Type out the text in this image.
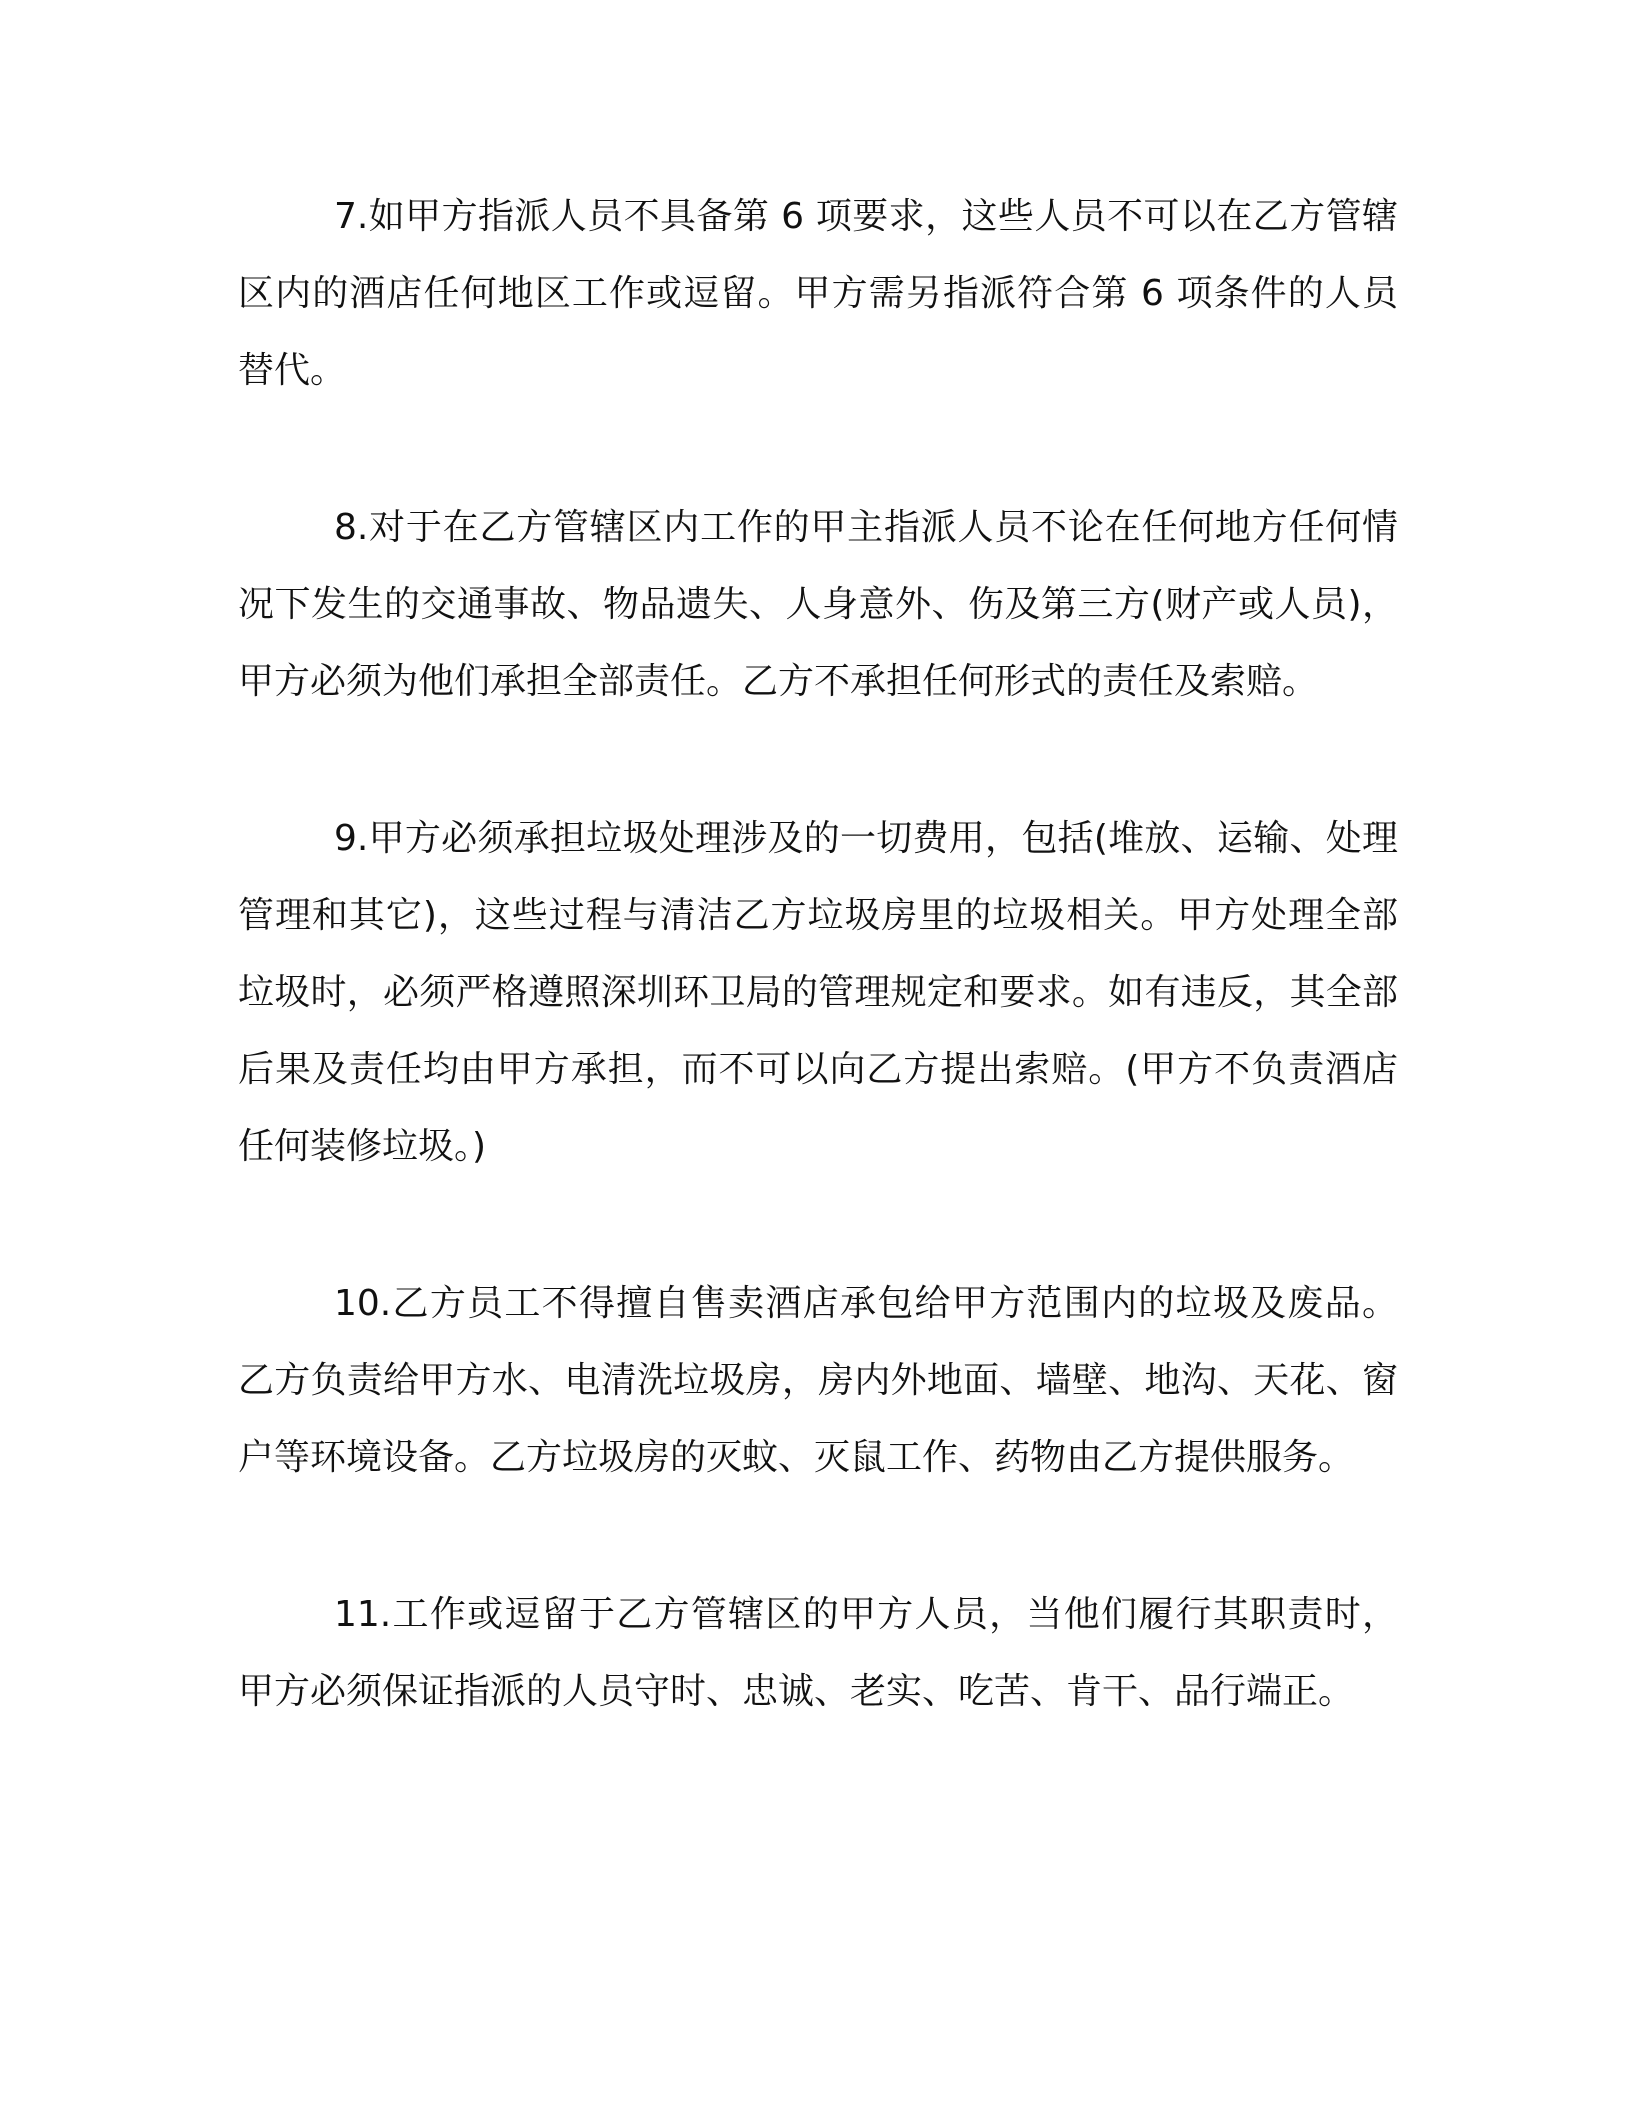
7.如甲方指派人员不具备第 6 项要求，这些人员不可以在乙方管辖区内的酒店任何地区工作或逗留。甲方需另指派符合第 6 项条件的人员替代。

8.对于在乙方管辖区内工作的甲主指派人员不论在任何地方任何情况下发生的交通事故、物品遗失、人身意外、伤及第三方(财产或人员)，甲方必须为他们承担全部责任。乙方不承担任何形式的责任及索赔。

9.甲方必须承担垃圾处理涉及的一切费用，包括(堆放、运输、处理管理和其它)，这些过程与清洁乙方垃圾房里的垃圾相关。甲方处理全部垃圾时，必须严格遵照深圳环卫局的管理规定和要求。如有违反，其全部后果及责任均由甲方承担，而不可以向乙方提出索赔。(甲方不负责酒店任何装修垃圾。)

10.乙方员工不得擅自售卖酒店承包给甲方范围内的垃圾及废品。乙方负责给甲方水、电清洗垃圾房，房内外地面、墙壁、地沟、天花、窗户等环境设备。乙方垃圾房的灭蚊、灭鼠工作、药物由乙方提供服务。

11.工作或逗留于乙方管辖区的甲方人员，当他们履行其职责时，甲方必须保证指派的人员守时、忠诚、老实、吃苦、肯干、品行端正。
